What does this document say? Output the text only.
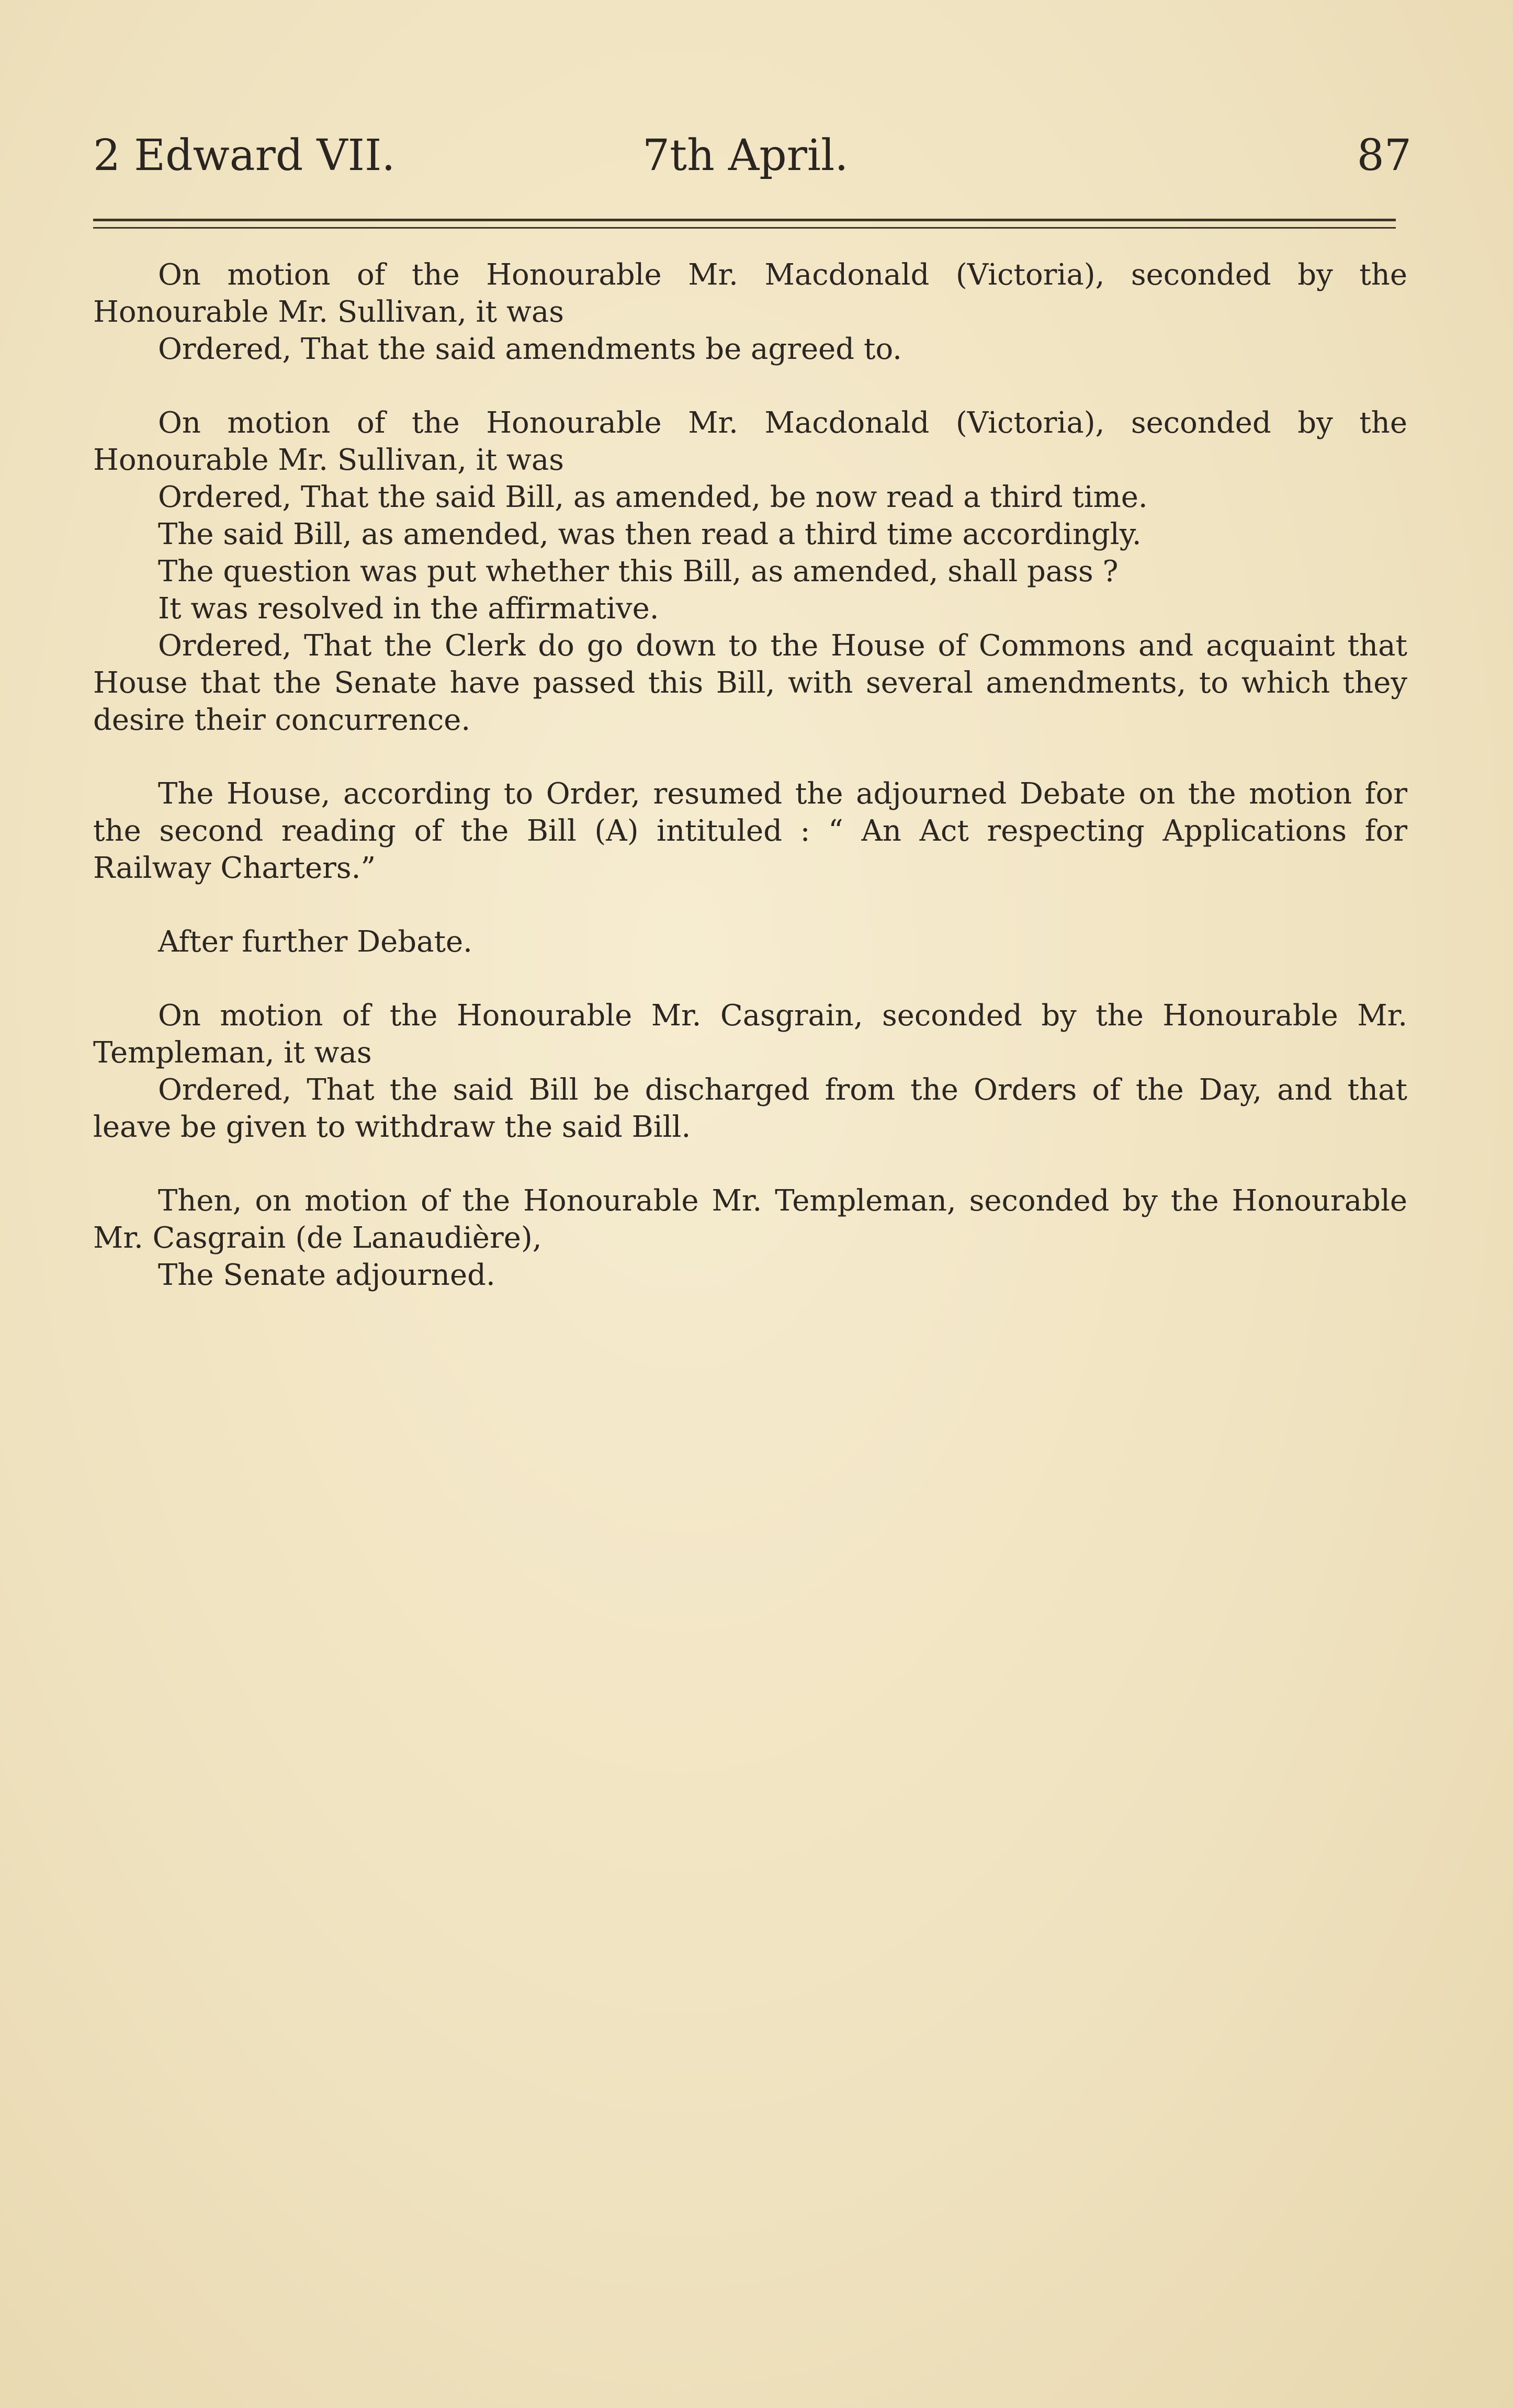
2 Edward VII.	7th April.	87

On motion of the Honourable Mr. Macdonald (Victoria), seconded by the Honourable Mr. Sullivan, it was

Ordered, That the said amendments be agreed to.

On motion of the Honourable Mr. Macdonald (Victoria), seconded by the Honourable Mr. Sullivan, it was

Ordered, That the said Bill, as amended, be now read a third time.

The said Bill, as amended, was then read a third time accordingly.

The question was put whether this Bill, as amended, shall pass ?

It was resolved in the affirmative.

Ordered, That the Clerk do go down to the House of Commons and acquaint that House that the Senate have passed this Bill, with several amendments, to which they desire their concurrence.

The House, according to Order, resumed the adjourned Debate on the motion for the second reading of the Bill (A) intituled : “ An Act respecting Applications for Railway Charters.”

After further Debate.

On motion of the Honourable Mr. Casgrain, seconded by the Honourable Mr. Templeman, it was

Ordered, That the said Bill be discharged from the Orders of the Day, and that leave be given to withdraw the said Bill.

Then, on motion of the Honourable Mr. Templeman, seconded by the Honourable Mr. Casgrain (de Lanaudière),

The Senate adjourned.
